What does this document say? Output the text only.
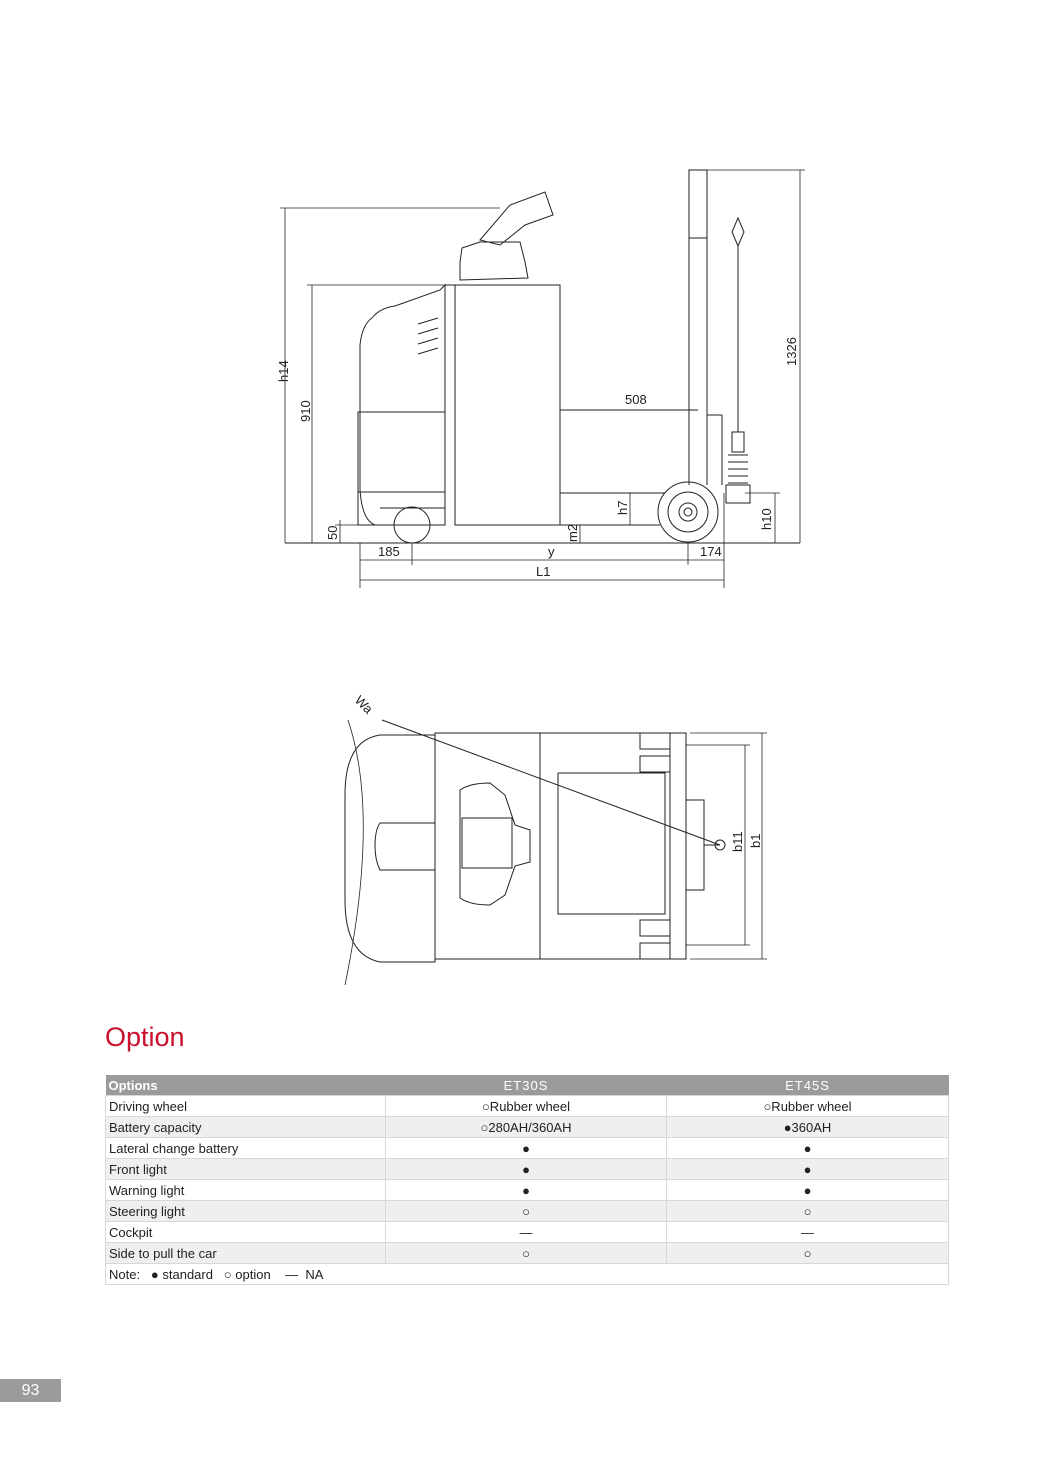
h14
910
50	m2
h7
h10
1326
b11 b1
Wa
508
185	y	174
L1
Option
Options	ET30S	ET45S
Driving wheel	○Rubber wheel	○Rubber wheel
Battery capacity	○280AH/360AH	●360AH
Lateral change battery	●	●
Front light	●	●
Warning light	●	●
Steering light	○	○
Cockpit	—	—
Side to pull the car	○	○
Note:   ● standard   ○ option    —  NA		
93
